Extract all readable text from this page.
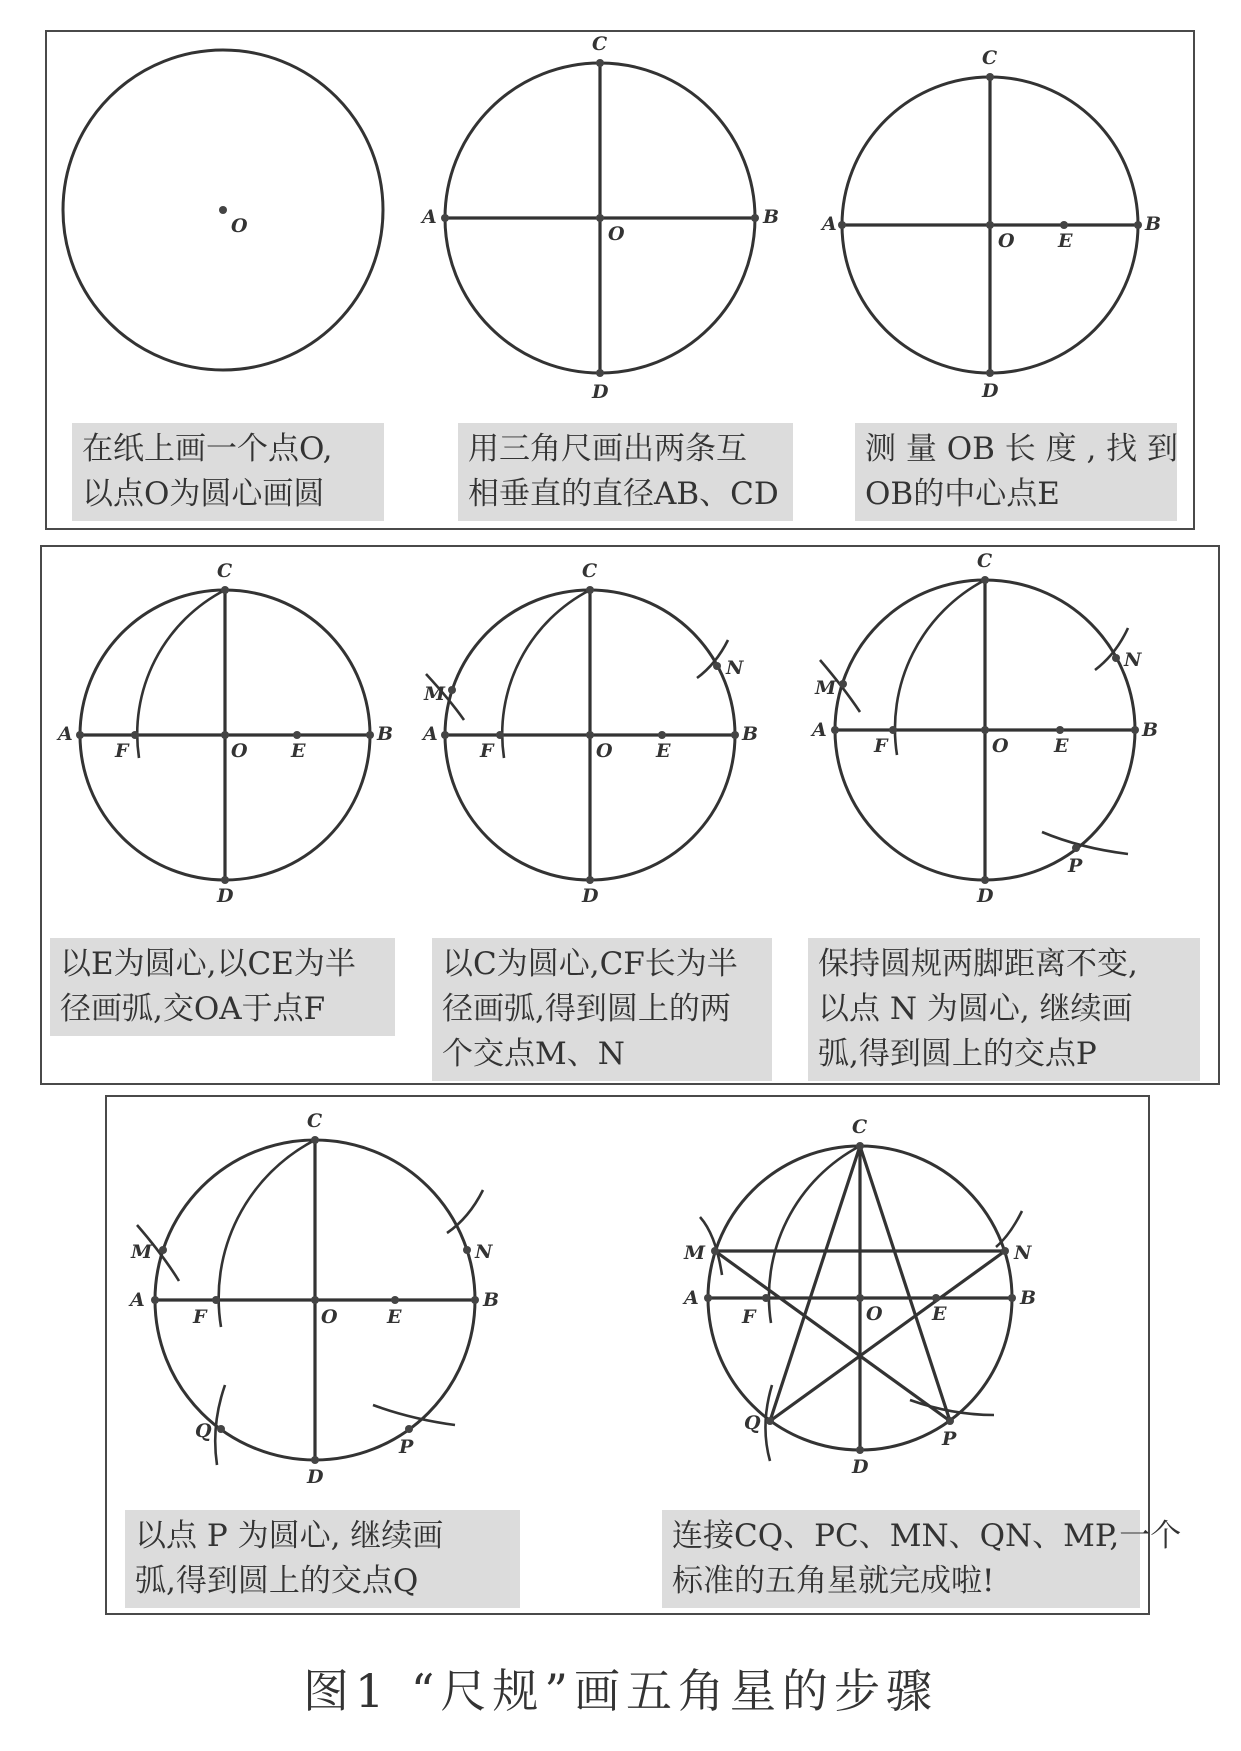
O	A	B
C
D
O	A	B
C
D
O E
在纸上画一个点O,
以点O为圆心画圆
用三角尺画出两条互
相垂直的直径AB、CD
测 量 OB 长 度 , 找 到
OB的中心点E
A	B
C
D
O E
F
A	B
C
D
O E
F
M
N
A	B
C
D
O E
F
M
N
P
以E为圆心,以CE为半
径画弧,交OA于点F
以C为圆心,CF长为半
径画弧,得到圆上的两
个交点M、N
保持圆规两脚距离不变,
以点 N 为圆心, 继续画
弧,得到圆上的交点P
A	B
C
D
O	E
F
M	N
P
Q
A	B
C
D
O	E
F
M	N
P
Q
以点 P 为圆心, 继续画
弧,得到圆上的交点Q
连接CQ、PC、MN、QN、MP,一个
标准的五角星就完成啦!
图1 “尺规”画五角星的步骤
